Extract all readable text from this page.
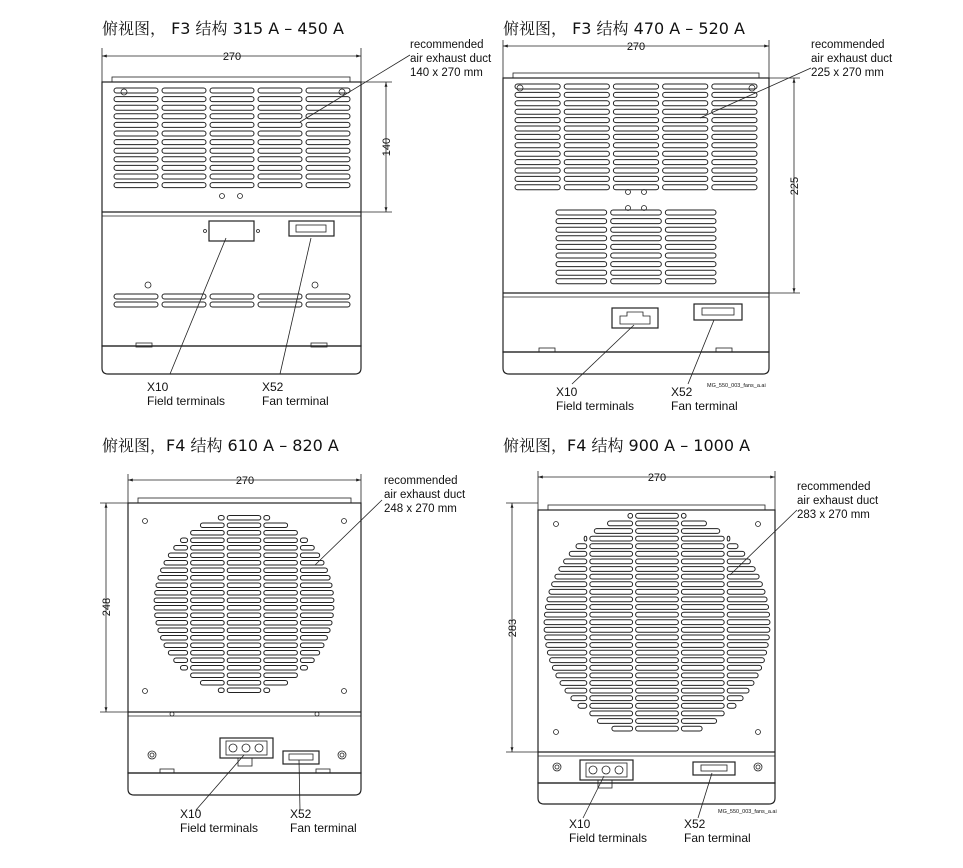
俯视图， F3 结构 315 A – 450 A	俯视图， F3 结构 470 A – 520 A
俯视图，F4 结构 610 A – 820 A	俯视图，F4 结构 900 A – 1000 A
270
140
recommended
air exhaust duct
140 x 270 mm
X10
Field terminals
X52
Fan terminal
270
225
recommended
air exhaust duct
225 x 270 mm
X10
Field terminals
X52
Fan terminal
MG_550_003_fans_a.ai
270
248
recommended
air exhaust duct
248 x 270 mm
X10
Field terminals
X52
Fan terminal
270
283
recommended
air exhaust duct
283 x 270 mm
X10
Field terminals
X52
Fan terminal
MG_550_003_fans_a.ai
